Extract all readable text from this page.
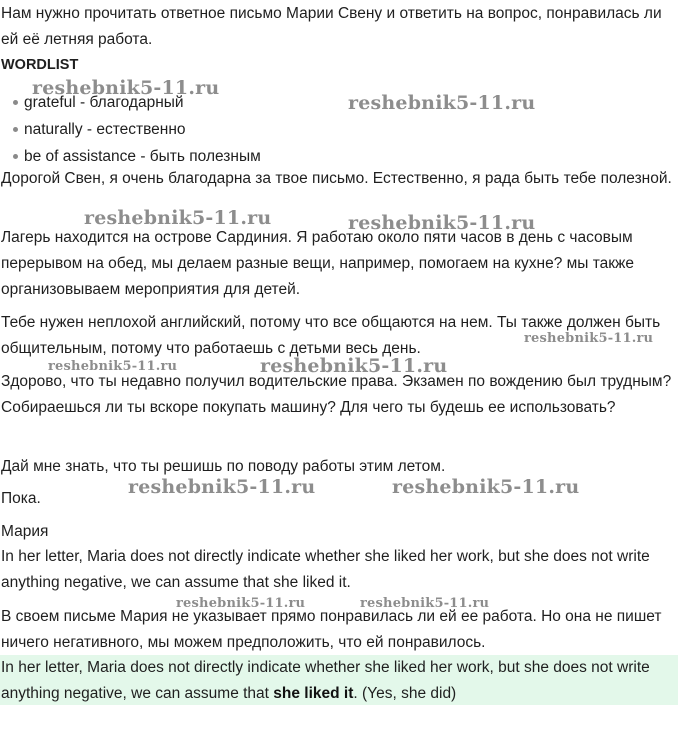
Нам нужно прочитать ответное письмо Марии Свену и ответить на вопрос, понравилась ли ей её летняя работа.

WORDLIST
grateful - благодарный
naturally - естественно
be of assistance - быть полезным

Дорогой Свен, я очень благодарна за твое письмо. Естественно, я рада быть тебе полезной.

Лагерь находится на острове Сардиния. Я работаю около пяти часов в день с часовым перерывом на обед, мы делаем разные вещи, например, помогаем на кухне? мы также организовываем мероприятия для детей.

Тебе нужен неплохой английский, потому что все общаются на нем. Ты также должен быть общительным, потому что работаешь с детьми весь день.

Здорово, что ты недавно получил водительские права. Экзамен по вождению был трудным? Собираешься ли ты вскоре покупать машину? Для чего ты будешь ее использовать?

Дай мне знать, что ты решишь по поводу работы этим летом.

Пока.

Мария

In her letter, Maria does not directly indicate whether she liked her work, but she does not write anything negative, we can assume that she liked it.

В своем письме Мария не указывает прямо понравилась ли ей ее работа. Но она не пишет ничего негативного, мы можем предположить, что ей понравилось.

In her letter, Maria does not directly indicate whether she liked her work, but she does not write anything negative, we can assume that she liked it. (Yes, she did)

reshebnik5-11.ru
reshebnik5-11.ru
reshebnik5-11.ru	reshebnik5-11.ru
reshebnik5-11.ru
reshebnik5-11.ru	reshebnik5-11.ru
reshebnik5-11.ru	reshebnik5-11.ru
reshebnik5-11.ru	reshebnik5-11.ru
